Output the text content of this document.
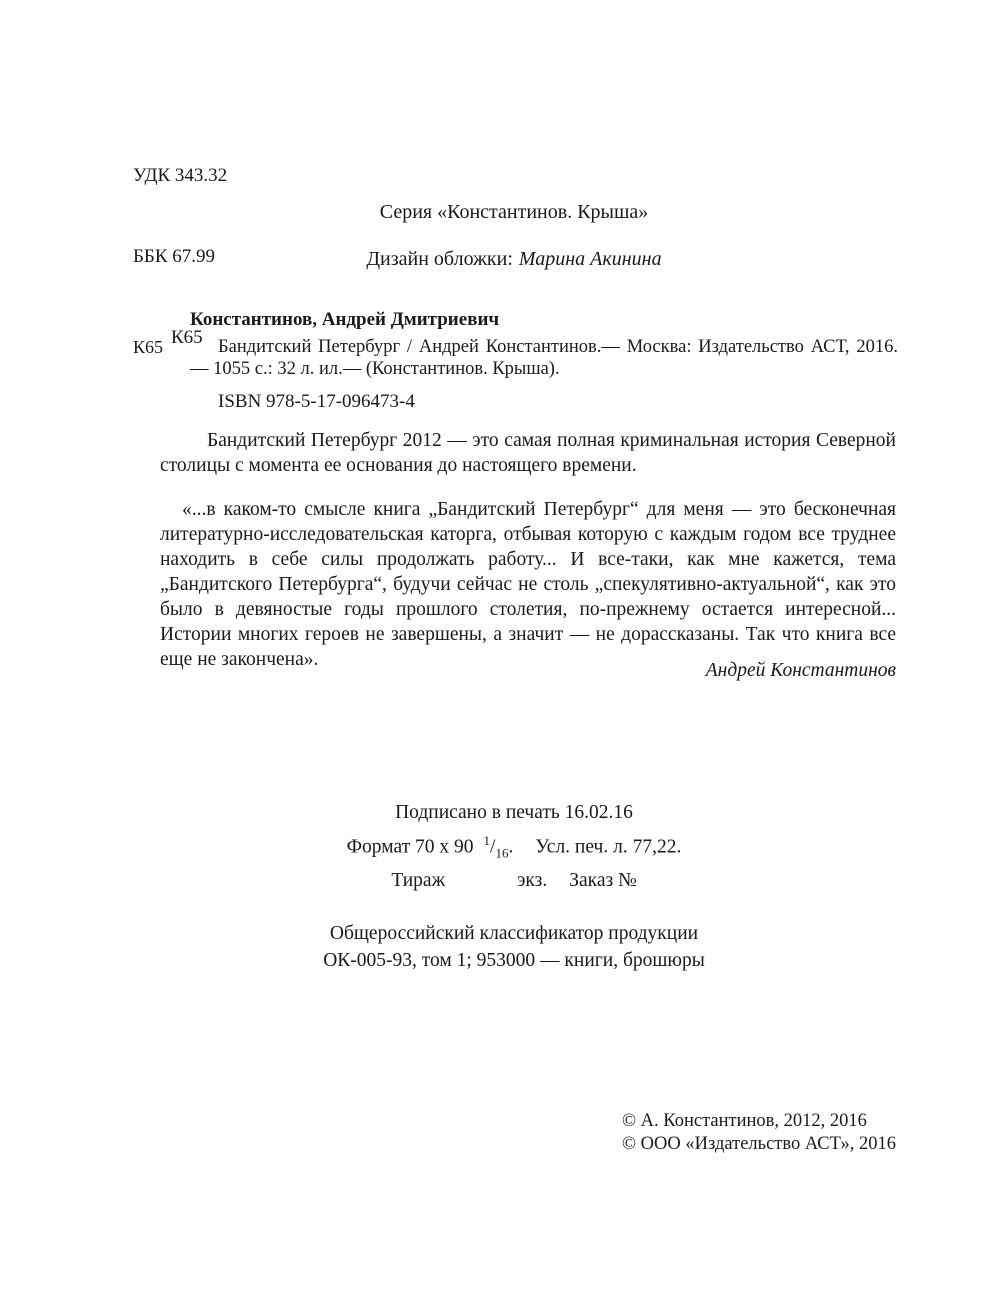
УДК 343.32

ББК 67.99

К65

Серия «Константинов. Крыша»
Дизайн обложки: Марина Акинина
К65
Константинов, Андрей Дмитриевич
Бандитский Петербург / Андрей Константинов.— Москва: Издательство АСТ, 2016.— 1055 с.: 32 л. ил.— (Константинов. Крыша).
ISBN 978-5-17-096473-4
Бандитский Петербург 2012 — это самая полная криминальная история Северной столицы с момента ее основания до настоящего времени.
«...в каком-то смысле книга „Бандитский Петербург“ для меня — это бесконечная литературно-исследовательская каторга, отбывая которую с каждым годом все труднее находить в себе силы продолжать работу... И все-таки, как мне кажется, тема „Бандитского Петербурга“, будучи сейчас не столь „спекулятивно-актуальной“, как это было в девяностые годы прошлого столетия, по-прежнему остается интересной... Истории многих героев не завершены, а значит — не дорассказаны. Так что книга все еще не закончена».
Андрей Константинов
Подписано в печать 16.02.16
Формат 70 х 90 $^1/_{16}$. Усл. печ. л. 77,22.
Тираж	экз. Заказ №
Общероссийский классификатор продукции
ОК-005-93, том 1; 953000 — книги, брошюры
© А. Константинов, 2012, 2016
© ООО «Издательство АСТ», 2016
